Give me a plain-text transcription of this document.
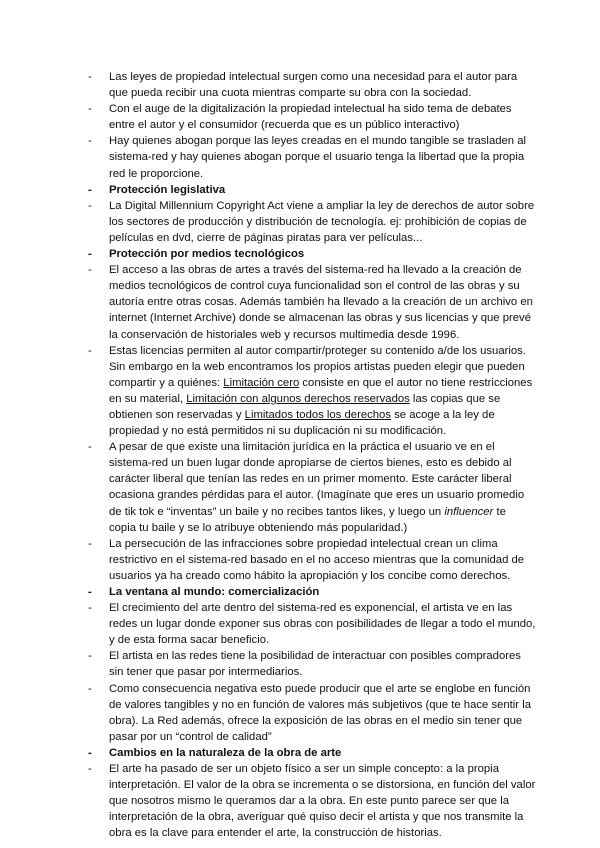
- Las leyes de propiedad intelectual surgen como una necesidad para el autor para que pueda recibir una cuota mientras comparte su obra con la sociedad.
- Con el auge de la digitalización la propiedad intelectual ha sido tema de debates entre el autor y el consumidor (recuerda que es un público interactivo)
- Hay quienes abogan porque las leyes creadas en el mundo tangible se trasladen al sistema-red y hay quienes abogan porque el usuario tenga la libertad que la propia red le proporcione.
- Protección legislativa
- La Digital Millennium Copyright Act viene a ampliar la ley de derechos de autor sobre los sectores de producción y distribución de tecnología. ej: prohibición de copias de películas en dvd, cierre de páginas piratas para ver películas...
- Protección por medios tecnológicos
- El acceso a las obras de artes a través del sistema-red ha llevado a la creación de medios tecnológicos de control cuya funcionalidad son el control de las obras y su autoría entre otras cosas. Además también ha llevado a la creación de un archivo en internet (Internet Archive) donde se almacenan las obras y sus licencias y que prevé la conservación de historiales web y recursos multimedia desde 1996.
- Estas licencias permiten al autor compartir/proteger su contenido a/de los usuarios. Sin embargo en la web encontramos los propios artistas pueden elegir que pueden compartir y a quiénes: Limitación cero consiste en que el autor no tiene restricciones en su material, Limitación con algunos derechos reservados las copias que se obtienen son reservadas y Limitados todos los derechos se acoge a la ley de propiedad y no está permitidos ni su duplicación ni su modificación.
- A pesar de que existe una limitación jurídica en la práctica el usuario ve en el sistema-red un buen lugar donde apropiarse de ciertos bienes, esto es debido al carácter liberal que tenían las redes en un primer momento. Este carácter liberal ocasiona grandes pérdidas para el autor. (Imagínate que eres un usuario promedio de tik tok e “inventas” un baile y no recibes tantos likes, y luego un influencer te copia tu baile y se lo atribuye obteniendo más popularidad.)
- La persecución de las infracciones sobre propiedad intelectual crean un clima restrictivo en el sistema-red basado en el no acceso mientras que la comunidad de usuarios ya ha creado como hábito la apropiación y los concibe como derechos.
- La ventana al mundo: comercialización
- El crecimiento del arte dentro del sistema-red es exponencial, el artista ve en las redes un lugar donde exponer sus obras con posibilidades de llegar a todo el mundo, y de esta forma sacar beneficio.
- El artista en las redes tiene la posibilidad de interactuar con posibles compradores sin tener que pasar por intermediarios.
- Como consecuencia negativa esto puede producir que el arte se englobe en función de valores tangibles y no en función de valores más subjetivos (que te hace sentir la obra). La Red además, ofrece la exposición de las obras en el medio sin tener que pasar por un “control de calidad”
- Cambios en la naturaleza de la obra de arte
- El arte ha pasado de ser un objeto físico a ser un simple concepto: a la propia interpretación. El valor de la obra se incrementa o se distorsiona, en función del valor que nosotros mismo le queramos dar a la obra. En este punto parece ser que la interpretación de la obra, averiguar qué quiso decir el artista y que nos transmite la obra es la clave para entender el arte, la construcción de historias.
